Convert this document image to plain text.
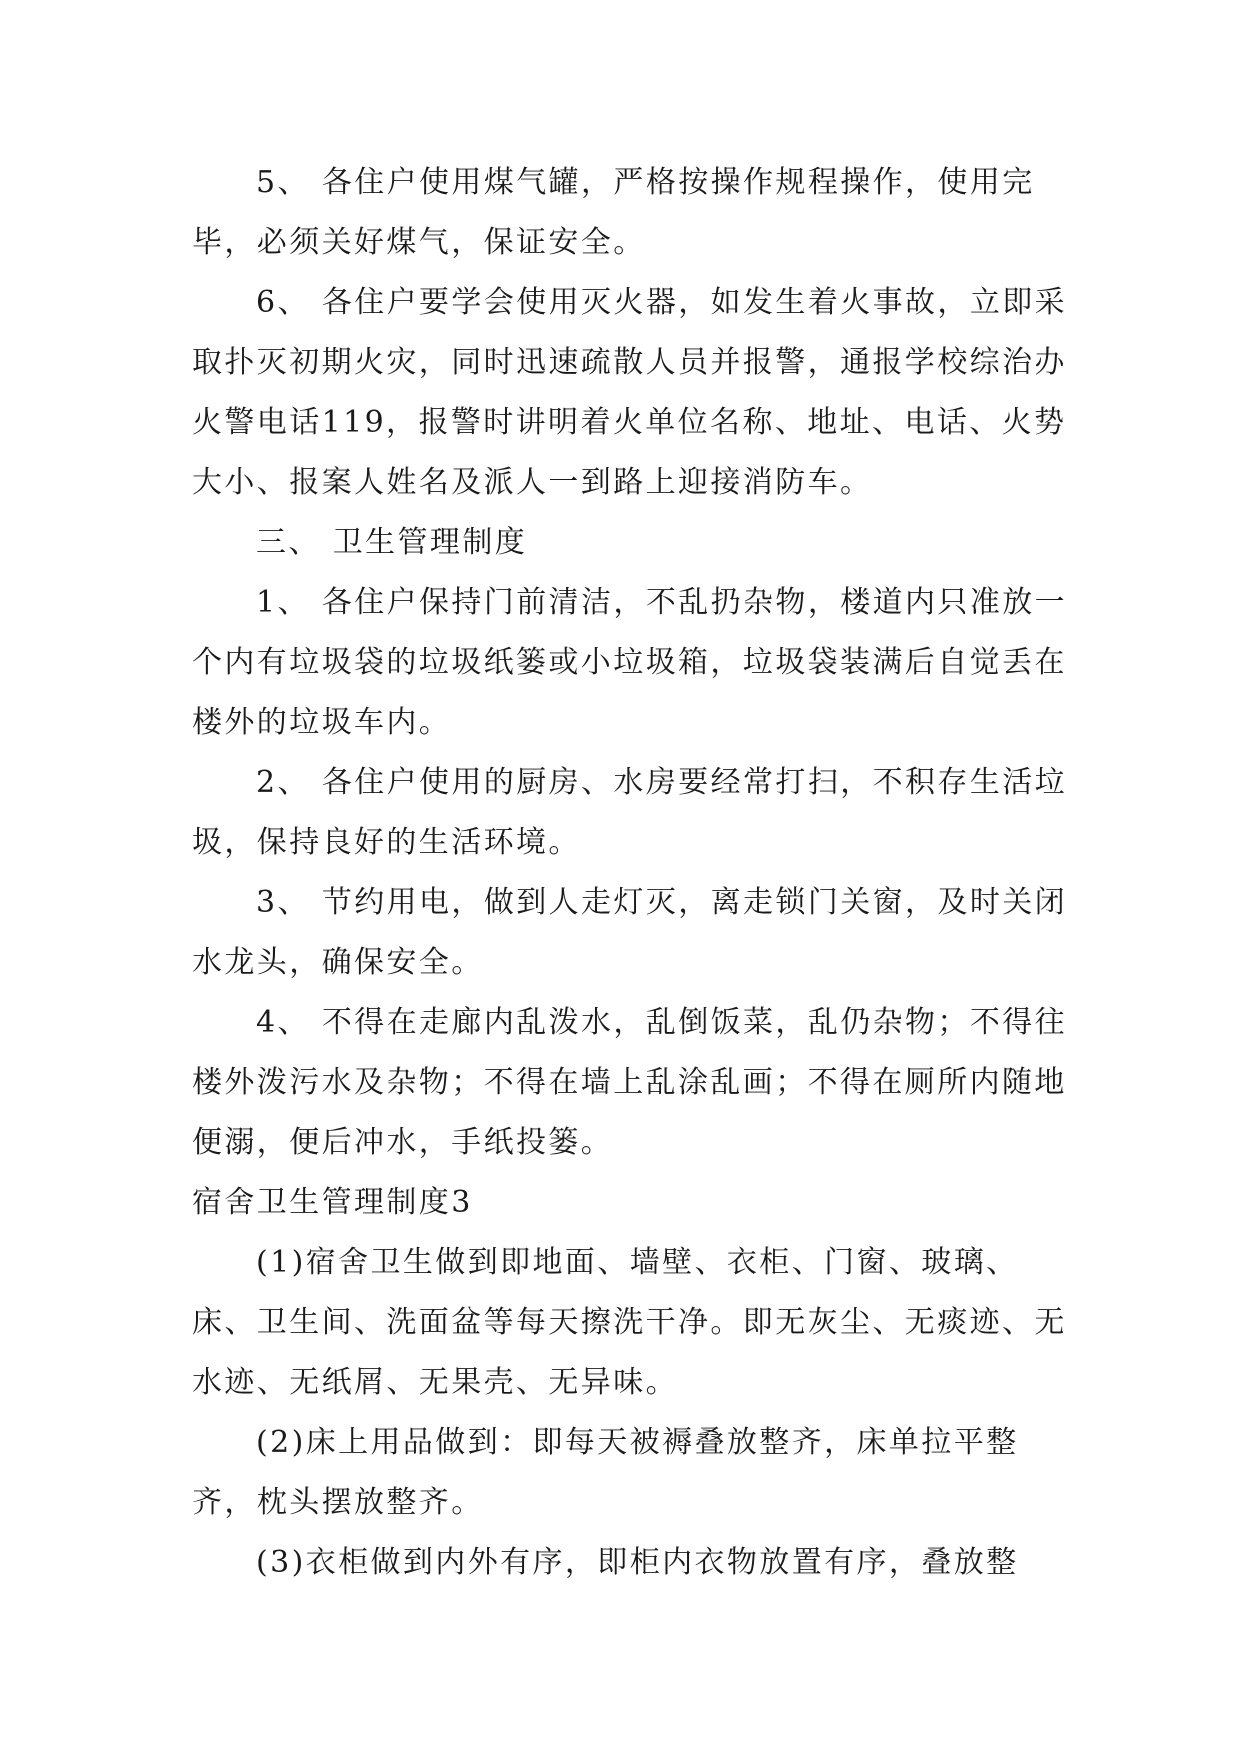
5、 各住户使用煤气罐，严格按操作规程操作，使用完毕，必须关好煤气，保证安全。

6、 各住户要学会使用灭火器，如发生着火事故，立即采取扑灭初期火灾，同时迅速疏散人员并报警，通报学校综治办火警电话119，报警时讲明着火单位名称、地址、电话、火势大小、报案人姓名及派人一到路上迎接消防车。

三、 卫生管理制度

1、 各住户保持门前清洁，不乱扔杂物，楼道内只准放一个内有垃圾袋的垃圾纸篓或小垃圾箱，垃圾袋装满后自觉丢在楼外的垃圾车内。

2、 各住户使用的厨房、水房要经常打扫，不积存生活垃圾，保持良好的生活环境。

3、 节约用电，做到人走灯灭，离走锁门关窗，及时关闭水龙头，确保安全。

4、 不得在走廊内乱泼水，乱倒饭菜，乱仍杂物；不得往楼外泼污水及杂物；不得在墙上乱涂乱画；不得在厕所内随地便溺，便后冲水，手纸投篓。

宿舍卫生管理制度3

(1)宿舍卫生做到即地面、墙壁、衣柜、门窗、玻璃、床、卫生间、洗面盆等每天擦洗干净。即无灰尘、无痰迹、无水迹、无纸屑、无果壳、无异味。

(2)床上用品做到：即每天被褥叠放整齐，床单拉平整齐，枕头摆放整齐。

(3)衣柜做到内外有序，即柜内衣物放置有序，叠放整
